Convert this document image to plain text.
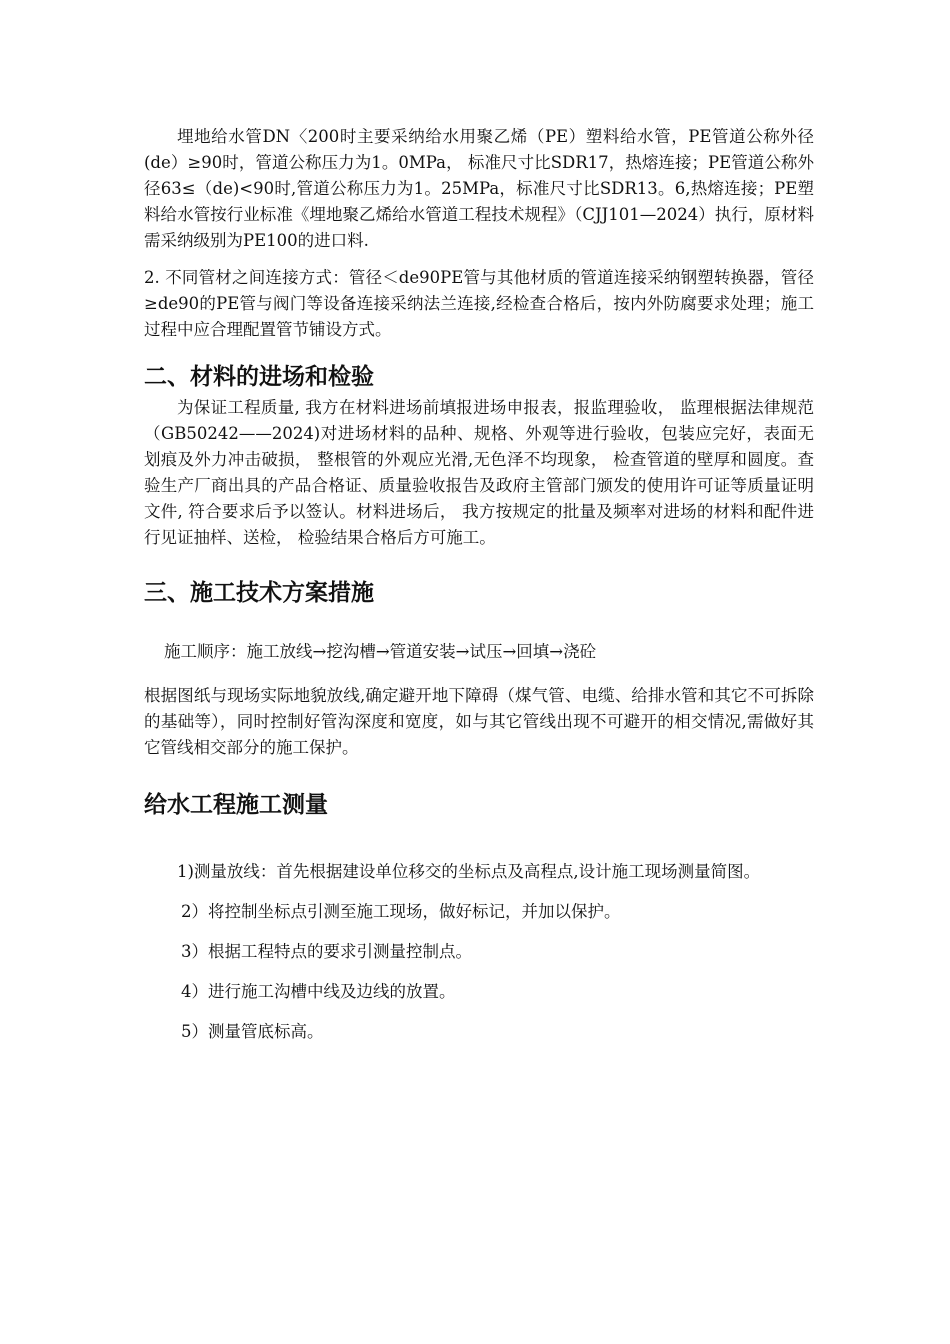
埋地给水管DN〈200时主要采纳给水用聚乙烯（PE）塑料给水管，PE管道公称外径(de）≥90时，管道公称压力为1。0MPa， 标准尺寸比SDR17，热熔连接；PE管道公称外径63≤（de)<90时,管道公称压力为1。25MPa，标准尺寸比SDR13。6,热熔连接；PE塑料给水管按行业标准《埋地聚乙烯给水管道工程技术规程》（CJJ101—2024）执行，原材料需采纳级别为PE100的进口料.

2. 不同管材之间连接方式：管径＜de90PE管与其他材质的管道连接采纳钢塑转换器，管径≥de90的PE管与阀门等设备连接采纳法兰连接,经检查合格后，按内外防腐要求处理；施工过程中应合理配置管节铺设方式。

二、材料的进场和检验

为保证工程质量, 我方在材料进场前填报进场申报表，报监理验收， 监理根据法律规范（GB50242——2024)对进场材料的品种、规格、外观等进行验收，包装应完好，表面无划痕及外力冲击破损， 整根管的外观应光滑,无色泽不均现象， 检查管道的壁厚和圆度。查验生产厂商出具的产品合格证、质量验收报告及政府主管部门颁发的使用许可证等质量证明文件, 符合要求后予以签认。材料进场后， 我方按规定的批量及频率对进场的材料和配件进行见证抽样、送检， 检验结果合格后方可施工。

三、施工技术方案措施

施工顺序：施工放线→挖沟槽→管道安装→试压→回填→浇砼

根据图纸与现场实际地貌放线,确定避开地下障碍（煤气管、电缆、给排水管和其它不可拆除的基础等），同时控制好管沟深度和宽度，如与其它管线出现不可避开的相交情况,需做好其它管线相交部分的施工保护。

给水工程施工测量

1)测量放线：首先根据建设单位移交的坐标点及高程点,设计施工现场测量简图。

2）将控制坐标点引测至施工现场，做好标记，并加以保护。

3）根据工程特点的要求引测量控制点。

4）进行施工沟槽中线及边线的放置。

5）测量管底标高。
